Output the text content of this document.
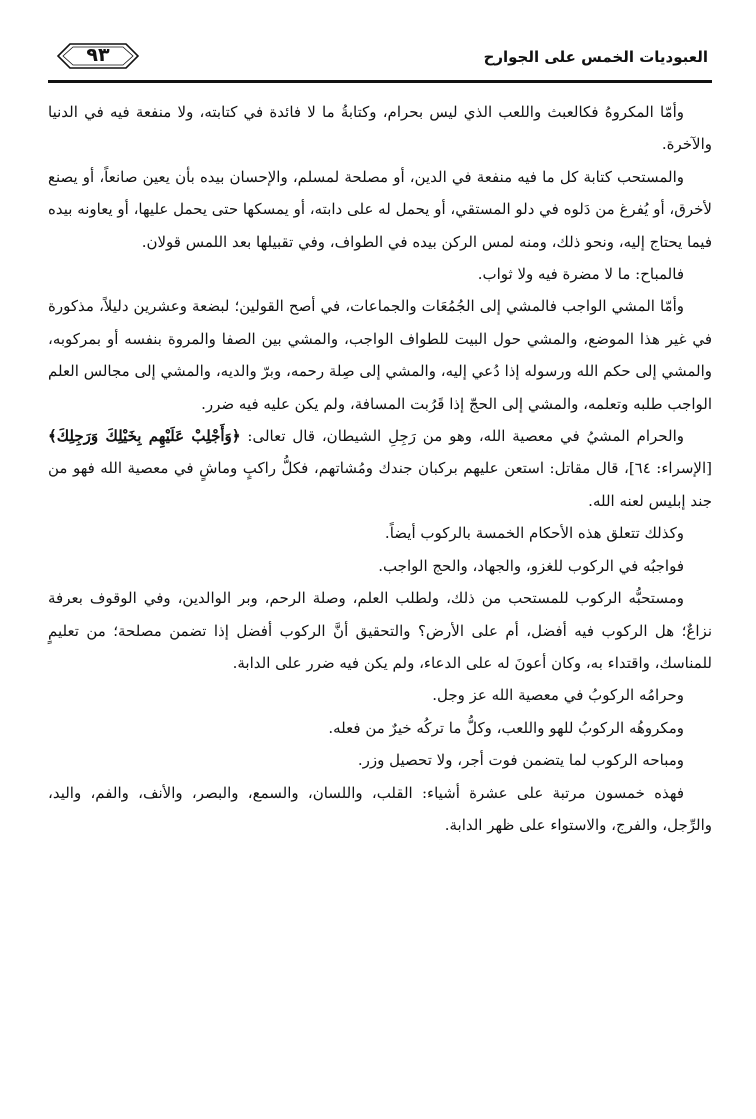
العبوديات الخمس على الجوارح
٩٣

وأمّا المكروهُ فكالعبث واللعب الذي ليس بحرام، وكتابةُ ما لا فائدة في كتابته، ولا منفعة فيه في الدنيا والآخرة.

والمستحب كتابة كل ما فيه منفعة في الدين، أو مصلحة لمسلم، والإحسان بيده بأن يعين صانعاً، أو يصنع لأخرق، أو يُفرغ من دَلوه في دلو المستقي، أو يحمل له على دابته، أو يمسكها حتى يحمل عليها، أو يعاونه بيده فيما يحتاج إليه، ونحو ذلك، ومنه لمس الركن بيده في الطواف، وفي تقبيلها بعد اللمس قولان.

فالمباح: ما لا مضرة فيه ولا ثواب.

وأمّا المشي الواجب فالمشي إلى الجُمُعَات والجماعات، في أصح القولين؛ لبضعة وعشرين دليلاً، مذكورة في غير هذا الموضع، والمشي حول البيت للطواف الواجب، والمشي بين الصفا والمروة بنفسه أو بمركوبه، والمشي إلى حكم الله ورسوله إذا دُعي إليه، والمشي إلى صِلة رحمه، وبرّ والديه، والمشي إلى مجالس العلم الواجب طلبه وتعلمه، والمشي إلى الحجّ إذا قَرُبت المسافة، ولم يكن عليه فيه ضرر.

والحرام المشيُ في معصية الله، وهو من رَجِلِ الشيطان، قال تعالى: ﴿وَأَجْلِبْ عَلَيْهِم بِخَيْلِكَ وَرَجِلِكَ﴾ [الإسراء: ٦٤]، قال مقاتل: استعن عليهم بركبان جندك ومُشاتهم، فكلُّ راكبٍ وماشٍ في معصية الله فهو من جند إبليس لعنه الله.

وكذلك تتعلق هذه الأحكام الخمسة بالركوب أيضاً.

فواجبُه في الركوب للغزو، والجهاد، والحج الواجب.

ومستحبُّه الركوب للمستحب من ذلك، ولطلب العلم، وصلة الرحم، وبر الوالدين، وفي الوقوف بعرفة نزاعٌ؛ هل الركوب فيه أفضل، أم على الأرض؟ والتحقيق أنَّ الركوب أفضل إذا تضمن مصلحة؛ من تعليمٍ للمناسك، واقتداء به، وكان أعونَ له على الدعاء، ولم يكن فيه ضرر على الدابة.

وحرامُه الركوبُ في معصية الله عز وجل.

ومكروهُه الركوبُ للهو واللعب، وكلُّ ما تركُه خيرٌ من فعله.

ومباحه الركوب لما يتضمن فوت أجر، ولا تحصيل وزر.

فهذه خمسون مرتبة على عشرة أشياء: القلب، واللسان، والسمع، والبصر، والأنف، والفم، واليد، والرِّجل، والفرج، والاستواء على ظهر الدابة.
